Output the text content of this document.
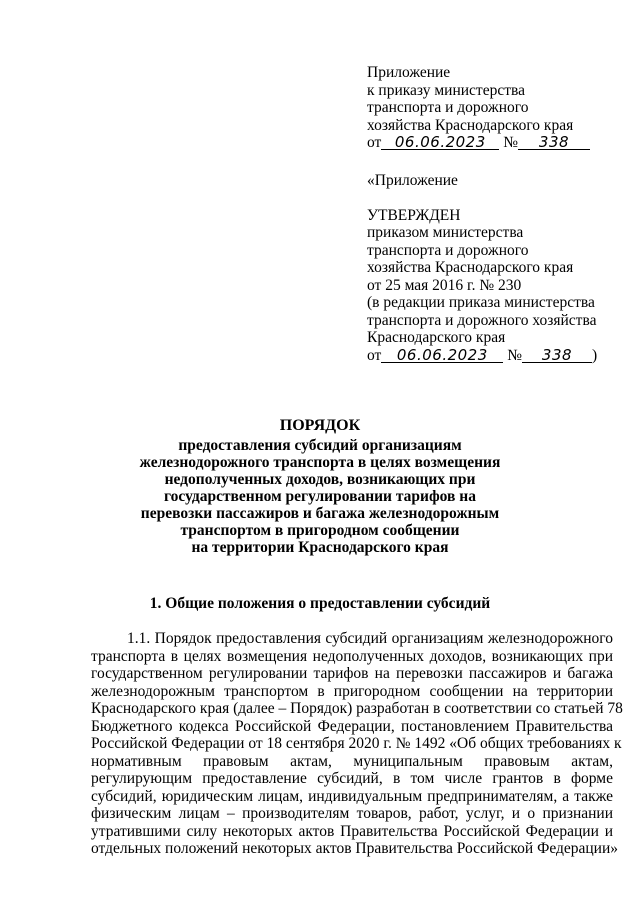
Приложение
к приказу министерства
транспорта и дорожного
хозяйства Краснодарского края
от 06.06.2023 № 338
«Приложение
УТВЕРЖДЕН
приказом министерства
транспорта и дорожного
хозяйства Краснодарского края
от 25 мая 2016 г. № 230
(в редакции приказа министерства
транспорта и дорожного хозяйства
Краснодарского края
от 06.06.2023 № 338 )
ПОРЯДОК
предоставления субсидий организациям
железнодорожного транспорта в целях возмещения
недополученных доходов, возникающих при
государственном регулировании тарифов на
перевозки пассажиров и багажа железнодорожным
транспортом в пригородном сообщении
на территории Краснодарского края
1. Общие положения о предоставлении субсидий
1.1. Порядок предоставления субсидий организациям железнодорожного
транспорта в целях возмещения недополученных доходов, возникающих при
государственном регулировании тарифов на перевозки пассажиров и багажа
железнодорожным транспортом в пригородном сообщении на территории
Краснодарского края (далее – Порядок) разработан в соответствии со статьей 78
Бюджетного кодекса Российской Федерации, постановлением Правительства
Российской Федерации от 18 сентября 2020 г. № 1492 «Об общих требованиях к
нормативным правовым актам, муниципальным правовым актам,
регулирующим предоставление субсидий, в том числе грантов в форме
субсидий, юридическим лицам, индивидуальным предпринимателям, а также
физическим лицам – производителям товаров, работ, услуг, и о признании
утратившими силу некоторых актов Правительства Российской Федерации и
отдельных положений некоторых актов Правительства Российской Федерации»
